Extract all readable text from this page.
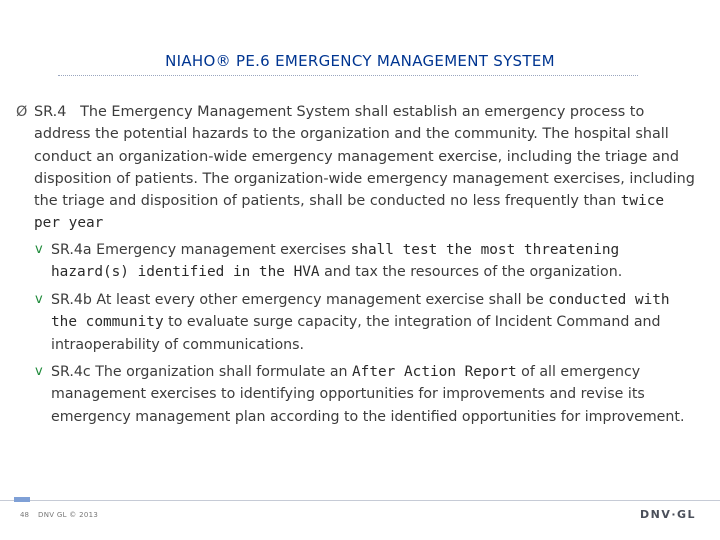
NIAHO® PE.6 EMERGENCY MANAGEMENT SYSTEM
Ø SR.4 The Emergency Management System shall establish an emergency process to address the potential hazards to the organization and the community. The hospital shall conduct an organization-wide emergency management exercise, including the triage and disposition of patients. The organization-wide emergency management exercises, including the triage and disposition of patients, shall be conducted no less frequently than twice per year
v SR.4a Emergency management exercises shall test the most threatening hazard(s) identified in the HVA and tax the resources of the organization.
v SR.4b At least every other emergency management exercise shall be conducted with the community to evaluate surge capacity, the integration of Incident Command and intraoperability of communications.
v SR.4c The organization shall formulate an After Action Report of all emergency management exercises to identifying opportunities for improvements and revise its emergency management plan according to the identified opportunities for improvement.
48 DNV GL © 2013	DNV·GL
